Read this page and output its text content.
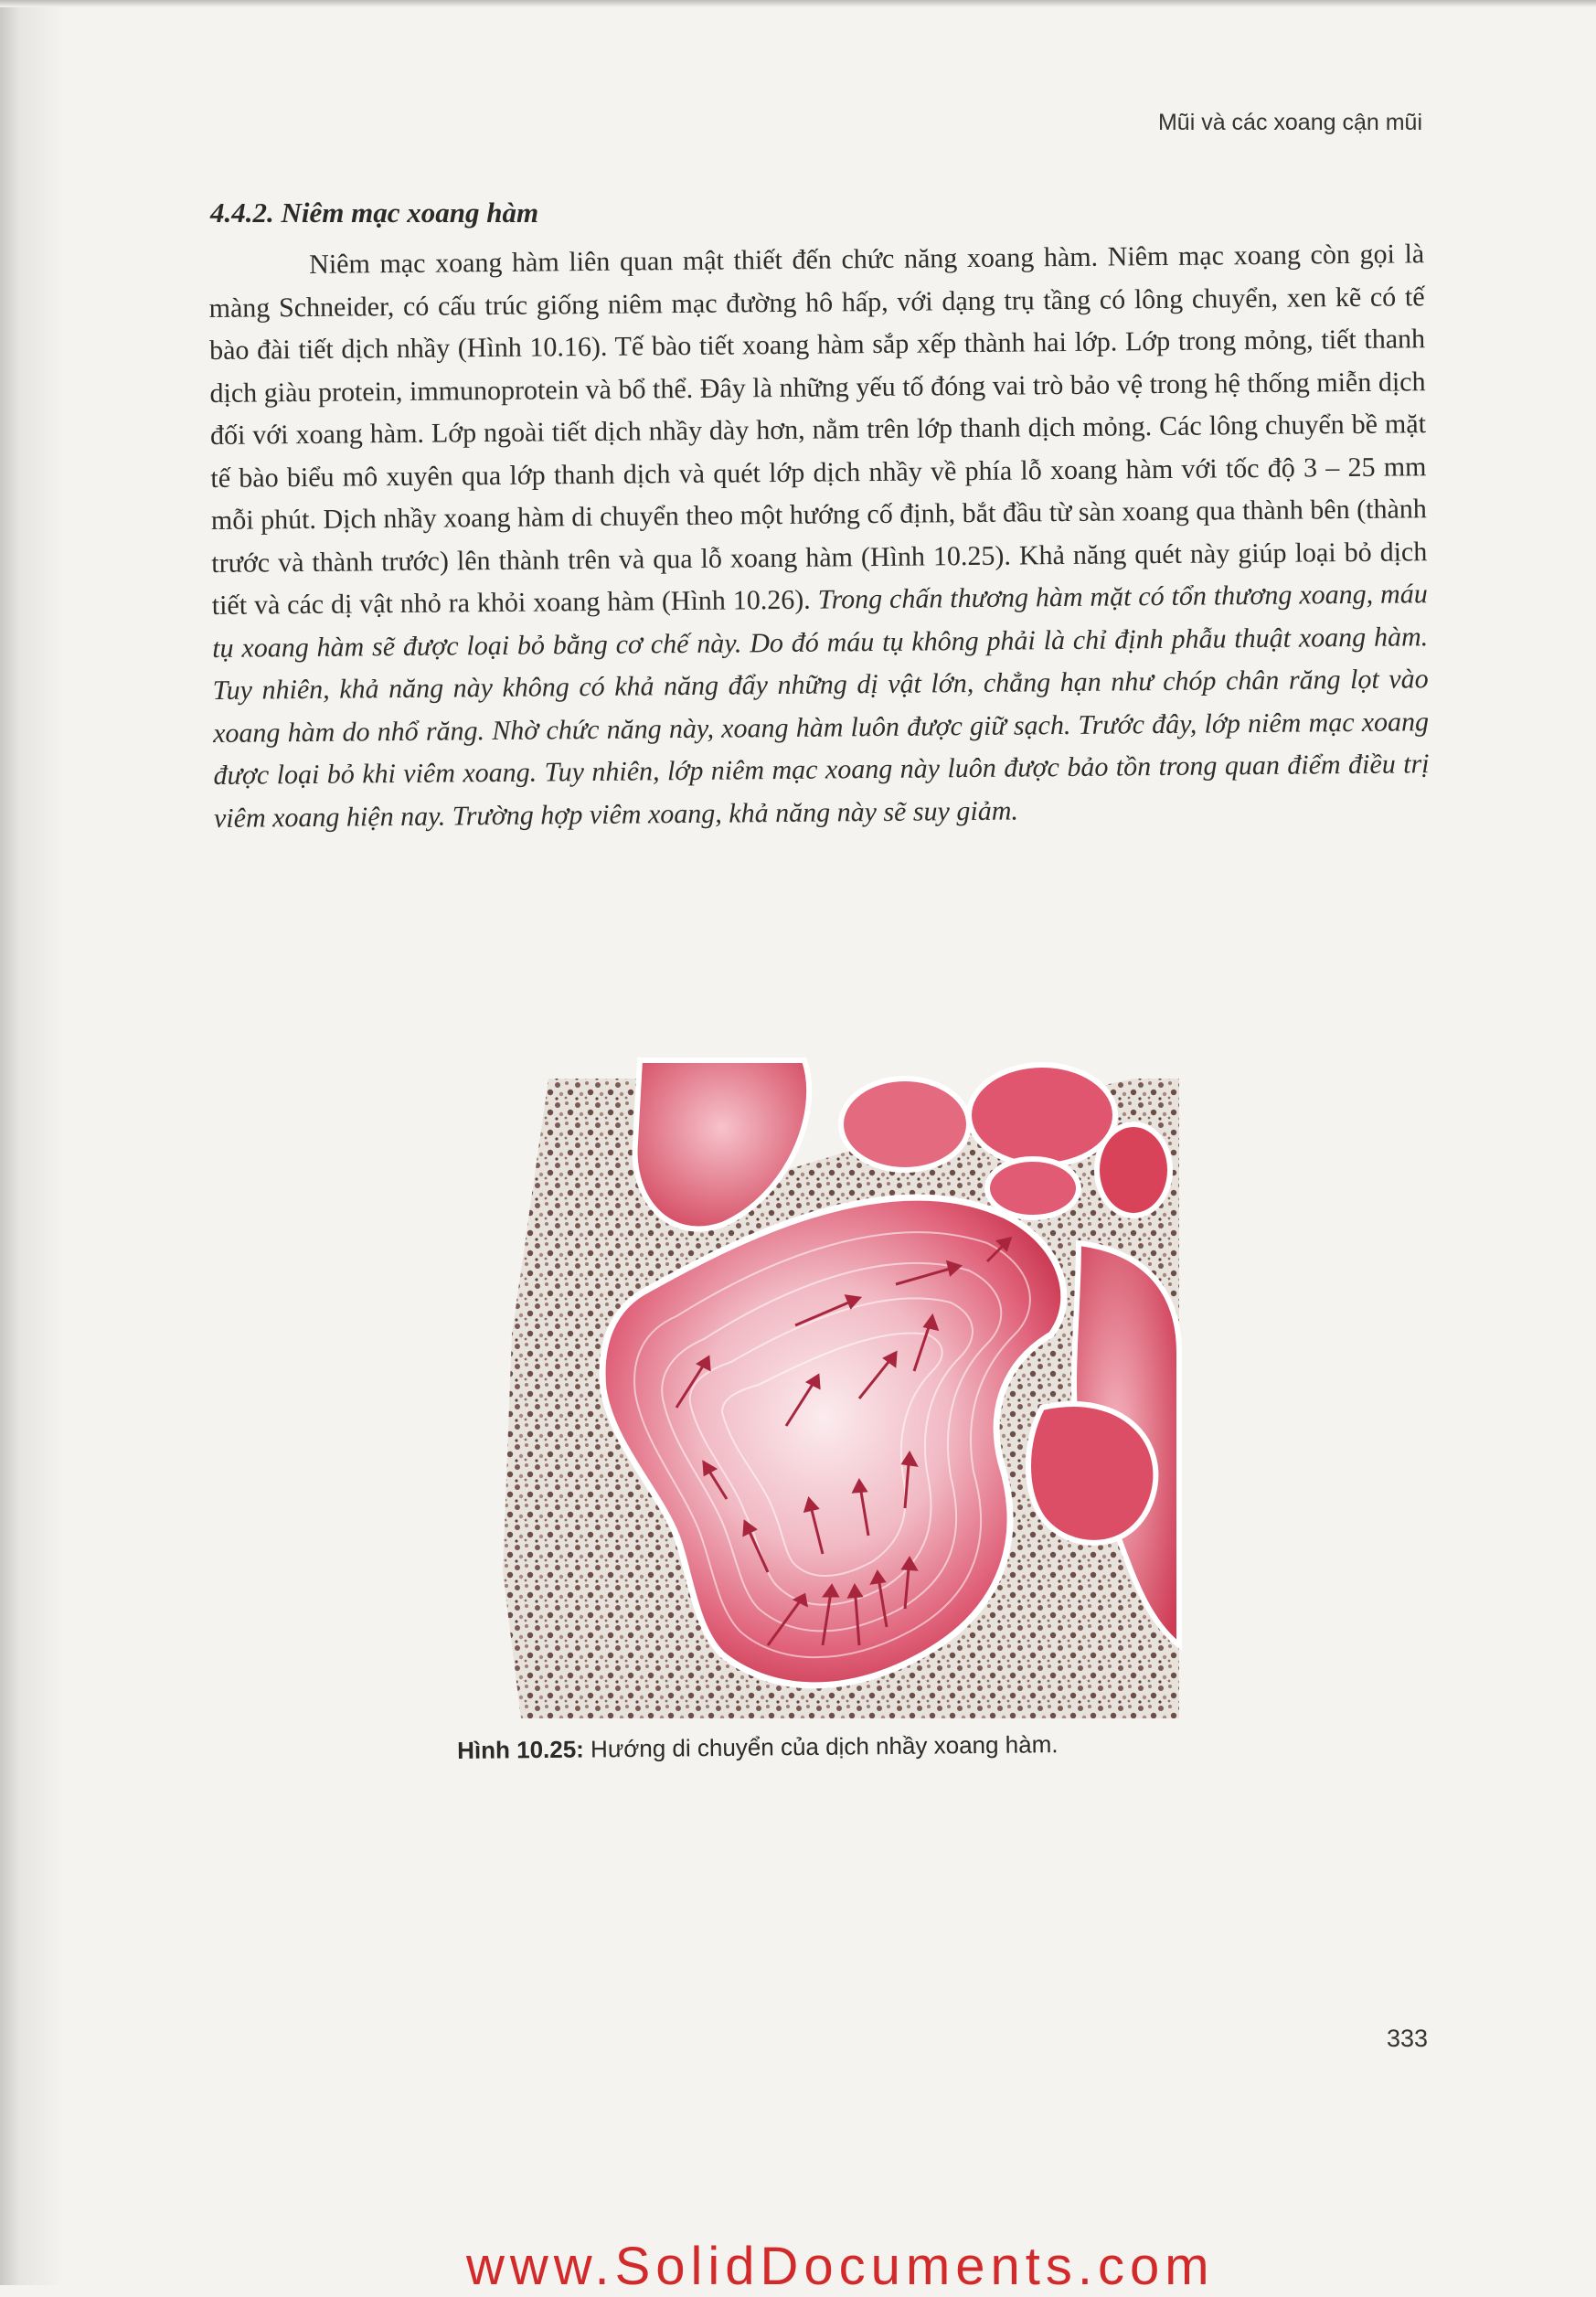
Mũi và các xoang cận mũi
4.4.2. Niêm mạc xoang hàm

Niêm mạc xoang hàm liên quan mật thiết đến chức năng xoang hàm. Niêm mạc xoang còn gọi là màng Schneider, có cấu trúc giống niêm mạc đường hô hấp, với dạng trụ tầng có lông chuyển, xen kẽ có tế bào đài tiết dịch nhầy (Hình 10.16). Tế bào tiết xoang hàm sắp xếp thành hai lớp. Lớp trong mỏng, tiết thanh dịch giàu protein, immunoprotein và bổ thể. Đây là những yếu tố đóng vai trò bảo vệ trong hệ thống miễn dịch đối với xoang hàm. Lớp ngoài tiết dịch nhầy dày hơn, nằm trên lớp thanh dịch mỏng. Các lông chuyển bề mặt tế bào biểu mô xuyên qua lớp thanh dịch và quét lớp dịch nhầy về phía lỗ xoang hàm với tốc độ 3 – 25 mm mỗi phút. Dịch nhầy xoang hàm di chuyển theo một hướng cố định, bắt đầu từ sàn xoang qua thành bên (thành trước và thành trước) lên thành trên và qua lỗ xoang hàm (Hình 10.25). Khả năng quét này giúp loại bỏ dịch tiết và các dị vật nhỏ ra khỏi xoang hàm (Hình 10.26). Trong chấn thương hàm mặt có tổn thương xoang, máu tụ xoang hàm sẽ được loại bỏ bằng cơ chế này. Do đó máu tụ không phải là chỉ định phẫu thuật xoang hàm. Tuy nhiên, khả năng này không có khả năng đẩy những dị vật lớn, chẳng hạn như chóp chân răng lọt vào xoang hàm do nhổ răng. Nhờ chức năng này, xoang hàm luôn được giữ sạch. Trước đây, lớp niêm mạc xoang được loại bỏ khi viêm xoang. Tuy nhiên, lớp niêm mạc xoang này luôn được bảo tồn trong quan điểm điều trị viêm xoang hiện nay. Trường hợp viêm xoang, khả năng này sẽ suy giảm.

Hình 10.25: Hướng di chuyển của dịch nhầy xoang hàm.
333
www.SolidDocuments.com
